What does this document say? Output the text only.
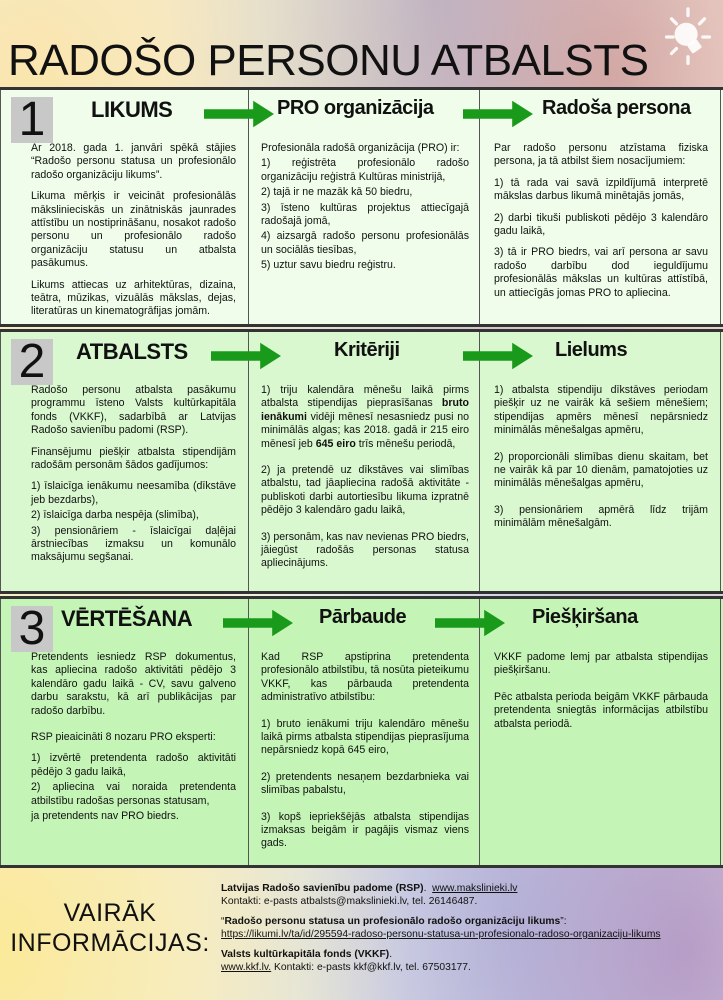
RADOŠO PERSONU ATBALSTS
1	LIKUMS

Ar 2018. gada 1. janvāri spēkā stājies “Radošo personu statusa un profesionālo radošo organizāciju likums”.

Likuma mērķis ir veicināt profesionālās mākslinieciskās un zinātniskās jaunrades attīstību un nostiprināšanu, nosakot radošo personu un profesionālo radošo organizāciju statusu un atbalsta pasākumus.

Likums attiecas uz arhitektūras, dizaina, teātra, mūzikas, vizuālās mākslas, dejas, literatūras un kinematogrāfijas jomām.

PRO organizācija

Profesionāla radošā organizācija (PRO) ir:

1) reģistrēta profesionālo radošo organizāciju reģistrā Kultūras ministrijā,

2) tajā ir ne mazāk kā 50 biedru,

3) īsteno kultūras projektus attiecīgajā radošajā jomā,

4) aizsargā radošo personu profesionālās un sociālās tiesības,

5) uztur savu biedru reģistru.

Radoša persona

Par radošo personu atzīstama fiziska persona, ja tā atbilst šiem nosacījumiem:

1) tā rada vai savā izpildījumā interpretē mākslas darbus likumā minētajās jomās,

2) darbi tikuši publiskoti pēdējo 3 kalendāro gadu laikā,

3) tā ir PRO biedrs, vai arī persona ar savu radošo darbību dod ieguldījumu profesionālās mākslas un kultūras attīstībā, un attiecīgās jomas PRO to apliecina.

2	ATBALSTS

Radošo personu atbalsta pasākumu programmu īsteno Valsts kultūrkapitāla fonds (VKKF), sadarbībā ar Latvijas Radošo savienību padomi (RSP).

Finansējumu piešķir atbalsta stipendijām radošām personām šādos gadījumos:

1) īslaicīga ienākumu neesamība (dīkstāve jeb bezdarbs),

2) īslaicīga darba nespēja (slimība),

3) pensionāriem - īslaicīgai daļējai ārstniecības izmaksu un komunālo maksājumu segšanai.

Kritēriji

1) triju kalendāra mēnešu laikā pirms atbalsta stipendijas pieprasīšanas bruto ienākumi vidēji mēnesī nesasniedz pusi no minimālās algas; kas 2018. gadā ir 215 eiro mēnesī jeb 645 eiro trīs mēnešu periodā,

2) ja pretendē uz dīkstāves vai slimības atbalstu, tad jāapliecina radošā aktivitāte - publiskoti darbi autortiesību likuma izpratnē pēdējo 3 kalendāro gadu laikā,

3) personām, kas nav nevienas PRO biedrs, jāiegūst radošās personas statusa apliecinājums.

Lielums

1) atbalsta stipendiju dīkstāves periodam piešķir uz ne vairāk kā sešiem mēnešiem; stipendijas apmērs mēnesī nepārsniedz minimālās mēnešalgas apmēru,

2) proporcionāli slimības dienu skaitam, bet ne vairāk kā par 10 dienām, pamatojoties uz minimālās mēnešalgas apmēru,

3) pensionāriem apmērā līdz trijām minimālām mēnešalgām.

3 VĒRTĒŠANA

Pretendents iesniedz RSP dokumentus, kas apliecina radošo aktivitāti pēdējo 3 kalendāro gadu laikā - CV, savu galveno darbu sarakstu, kā arī publikācijas par radošo darbību.

RSP pieaicināti 8 nozaru PRO eksperti:

1) izvērtē pretendenta radošo aktivitāti pēdējo 3 gadu laikā,

2) apliecina vai noraida pretendenta atbilstību radošas personas statusam,

ja pretendents nav PRO biedrs.

Pārbaude

Kad RSP apstiprina pretendenta profesionālo atbilstību, tā nosūta pieteikumu VKKF, kas pārbauda pretendenta administratīvo atbilstību:

1) bruto ienākumi triju kalendāro mēnešu laikā pirms atbalsta stipendijas pieprasījuma nepārsniedz kopā 645 eiro,

2) pretendents nesaņem bezdarbnieka vai slimības pabalstu,

3) kopš iepriekšējās atbalsta stipendijas izmaksas beigām ir pagājis vismaz viens gads.

Piešķiršana

VKKF padome lemj par atbalsta stipendijas piešķiršanu.

Pēc atbalsta perioda beigām VKKF pārbauda pretendenta sniegtās informācijas atbilstību atbalsta periodā.

VAIRĀK
INFORMĀCIJAS:

Latvijas Radošo savienību padome (RSP).  www.makslinieki.lv
Kontakti: e-pasts atbalsts@makslinieki.lv, tel. 26146487.

“Radošo personu statusa un profesionālo radošo organizāciju likums”:
https://likumi.lv/ta/id/295594-radoso-personu-statusa-un-profesionalo-radoso-organizaciju-likums

Valsts kultūrkapitāla fonds (VKKF).
www.kkf.lv. Kontakti: e-pasts kkf@kkf.lv, tel. 67503177.
